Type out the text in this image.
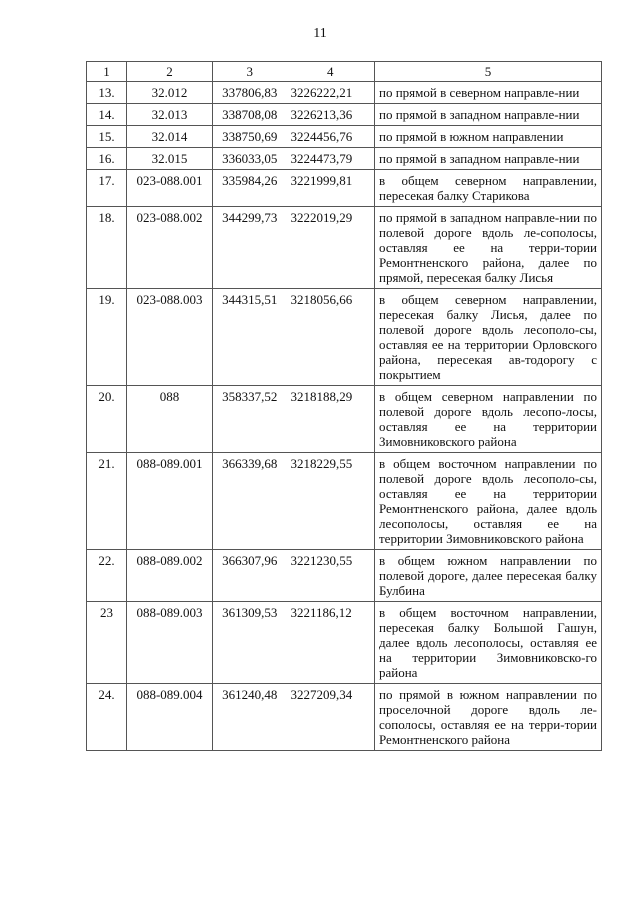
11
1	2	3	4	5
13.	32.012	337806,83	3226222,21	по прямой в северном направле-нии
14.	32.013	338708,08	3226213,36	по прямой в западном направле-нии
15.	32.014	338750,69	3224456,76	по прямой в южном направлении
16.	32.015	336033,05	3224473,79	по прямой в западном направле-нии
17.	023-088.001	335984,26	3221999,81	в общем северном направлении, пересекая балку Старикова
18.	023-088.002	344299,73	3222019,29	по прямой в западном направле-нии по полевой дороге вдоль ле-сополосы, оставляя ее на терри-тории Ремонтненского района, далее по прямой, пересекая балку Лисья
19.	023-088.003	344315,51	3218056,66	в общем северном направлении, пересекая балку Лисья, далее по полевой дороге вдоль лесополо-сы, оставляя ее на территории Орловского района, пересекая ав-тодорогу с покрытием
20.	088	358337,52	3218188,29	в общем северном направлении по полевой дороге вдоль лесопо-лосы, оставляя ее на территории Зимовниковского района
21.	088-089.001	366339,68	3218229,55	в общем восточном направлении по полевой дороге вдоль лесополо-сы, оставляя ее на территории Ремонтненского района, далее вдоль лесополосы, оставляя ее на территории Зимовниковского района
22.	088-089.002	366307,96	3221230,55	в общем южном направлении по полевой дороге, далее пересекая балку Булбина
23	088-089.003	361309,53	3221186,12	в общем восточном направлении, пересекая балку Большой Гашун, далее вдоль лесополосы, оставляя ее на территории Зимовниковско-го района
24.	088-089.004	361240,48	3227209,34	по прямой в южном направлении по проселочной дороге вдоль ле-сополосы, оставляя ее на терри-тории Ремонтненского района
